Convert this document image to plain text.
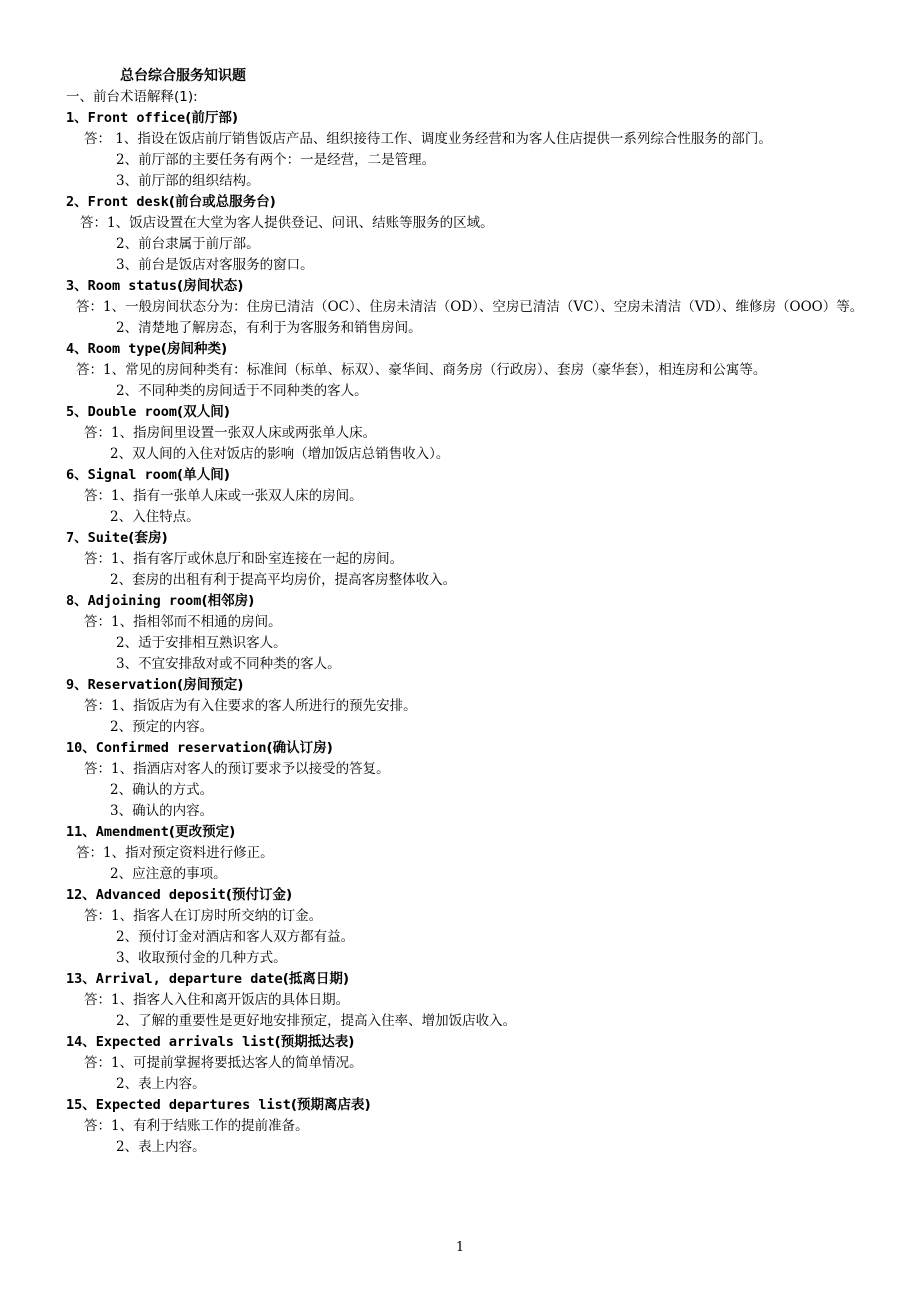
总台综合服务知识题
一、前台术语解释(1):
1、Front office(前厅部)
答： 1、指设在饭店前厅销售饭店产品、组织接待工作、调度业务经营和为客人住店提供一系列综合性服务的部门。
2、前厅部的主要任务有两个：一是经营，二是管理。
3、前厅部的组织结构。
2、Front desk(前台或总服务台)
答：1、饭店设置在大堂为客人提供登记、问讯、结账等服务的区域。
2、前台隶属于前厅部。
3、前台是饭店对客服务的窗口。
3、Room status(房间状态)
答：1、一般房间状态分为：住房已清洁（OC）、住房未清洁（OD）、空房已清洁（VC）、空房未清洁（VD）、维修房（OOO）等。
2、清楚地了解房态，有利于为客服务和销售房间。
4、Room type(房间种类)
答：1、常见的房间种类有：标准间（标单、标双）、豪华间、商务房（行政房）、套房（豪华套），相连房和公寓等。
2、不同种类的房间适于不同种类的客人。
5、Double room(双人间)
答：1、指房间里设置一张双人床或两张单人床。
2、双人间的入住对饭店的影响（增加饭店总销售收入）。
6、Signal room(单人间)
答：1、指有一张单人床或一张双人床的房间。
2、入住特点。
7、Suite(套房)
答：1、指有客厅或休息厅和卧室连接在一起的房间。
2、套房的出租有利于提高平均房价，提高客房整体收入。
8、Adjoining room(相邻房)
答：1、指相邻而不相通的房间。
2、适于安排相互熟识客人。
3、不宜安排敌对或不同种类的客人。
9、Reservation(房间预定)
答：1、指饭店为有入住要求的客人所进行的预先安排。
2、预定的内容。
10、Confirmed reservation(确认订房)
答：1、指酒店对客人的预订要求予以接受的答复。
2、确认的方式。
3、确认的内容。
11、Amendment(更改预定)
答：1、指对预定资料进行修正。
2、应注意的事项。
12、Advanced deposit(预付订金)
答：1、指客人在订房时所交纳的订金。
2、预付订金对酒店和客人双方都有益。
3、收取预付金的几种方式。
13、Arrival, departure date(抵离日期)
答：1、指客人入住和离开饭店的具体日期。
2、了解的重要性是更好地安排预定，提高入住率、增加饭店收入。
14、Expected arrivals list(预期抵达表)
答：1、可提前掌握将要抵达客人的简单情况。
2、表上内容。
15、Expected departures list(预期离店表)
答：1、有利于结账工作的提前准备。
2、表上内容。
1
